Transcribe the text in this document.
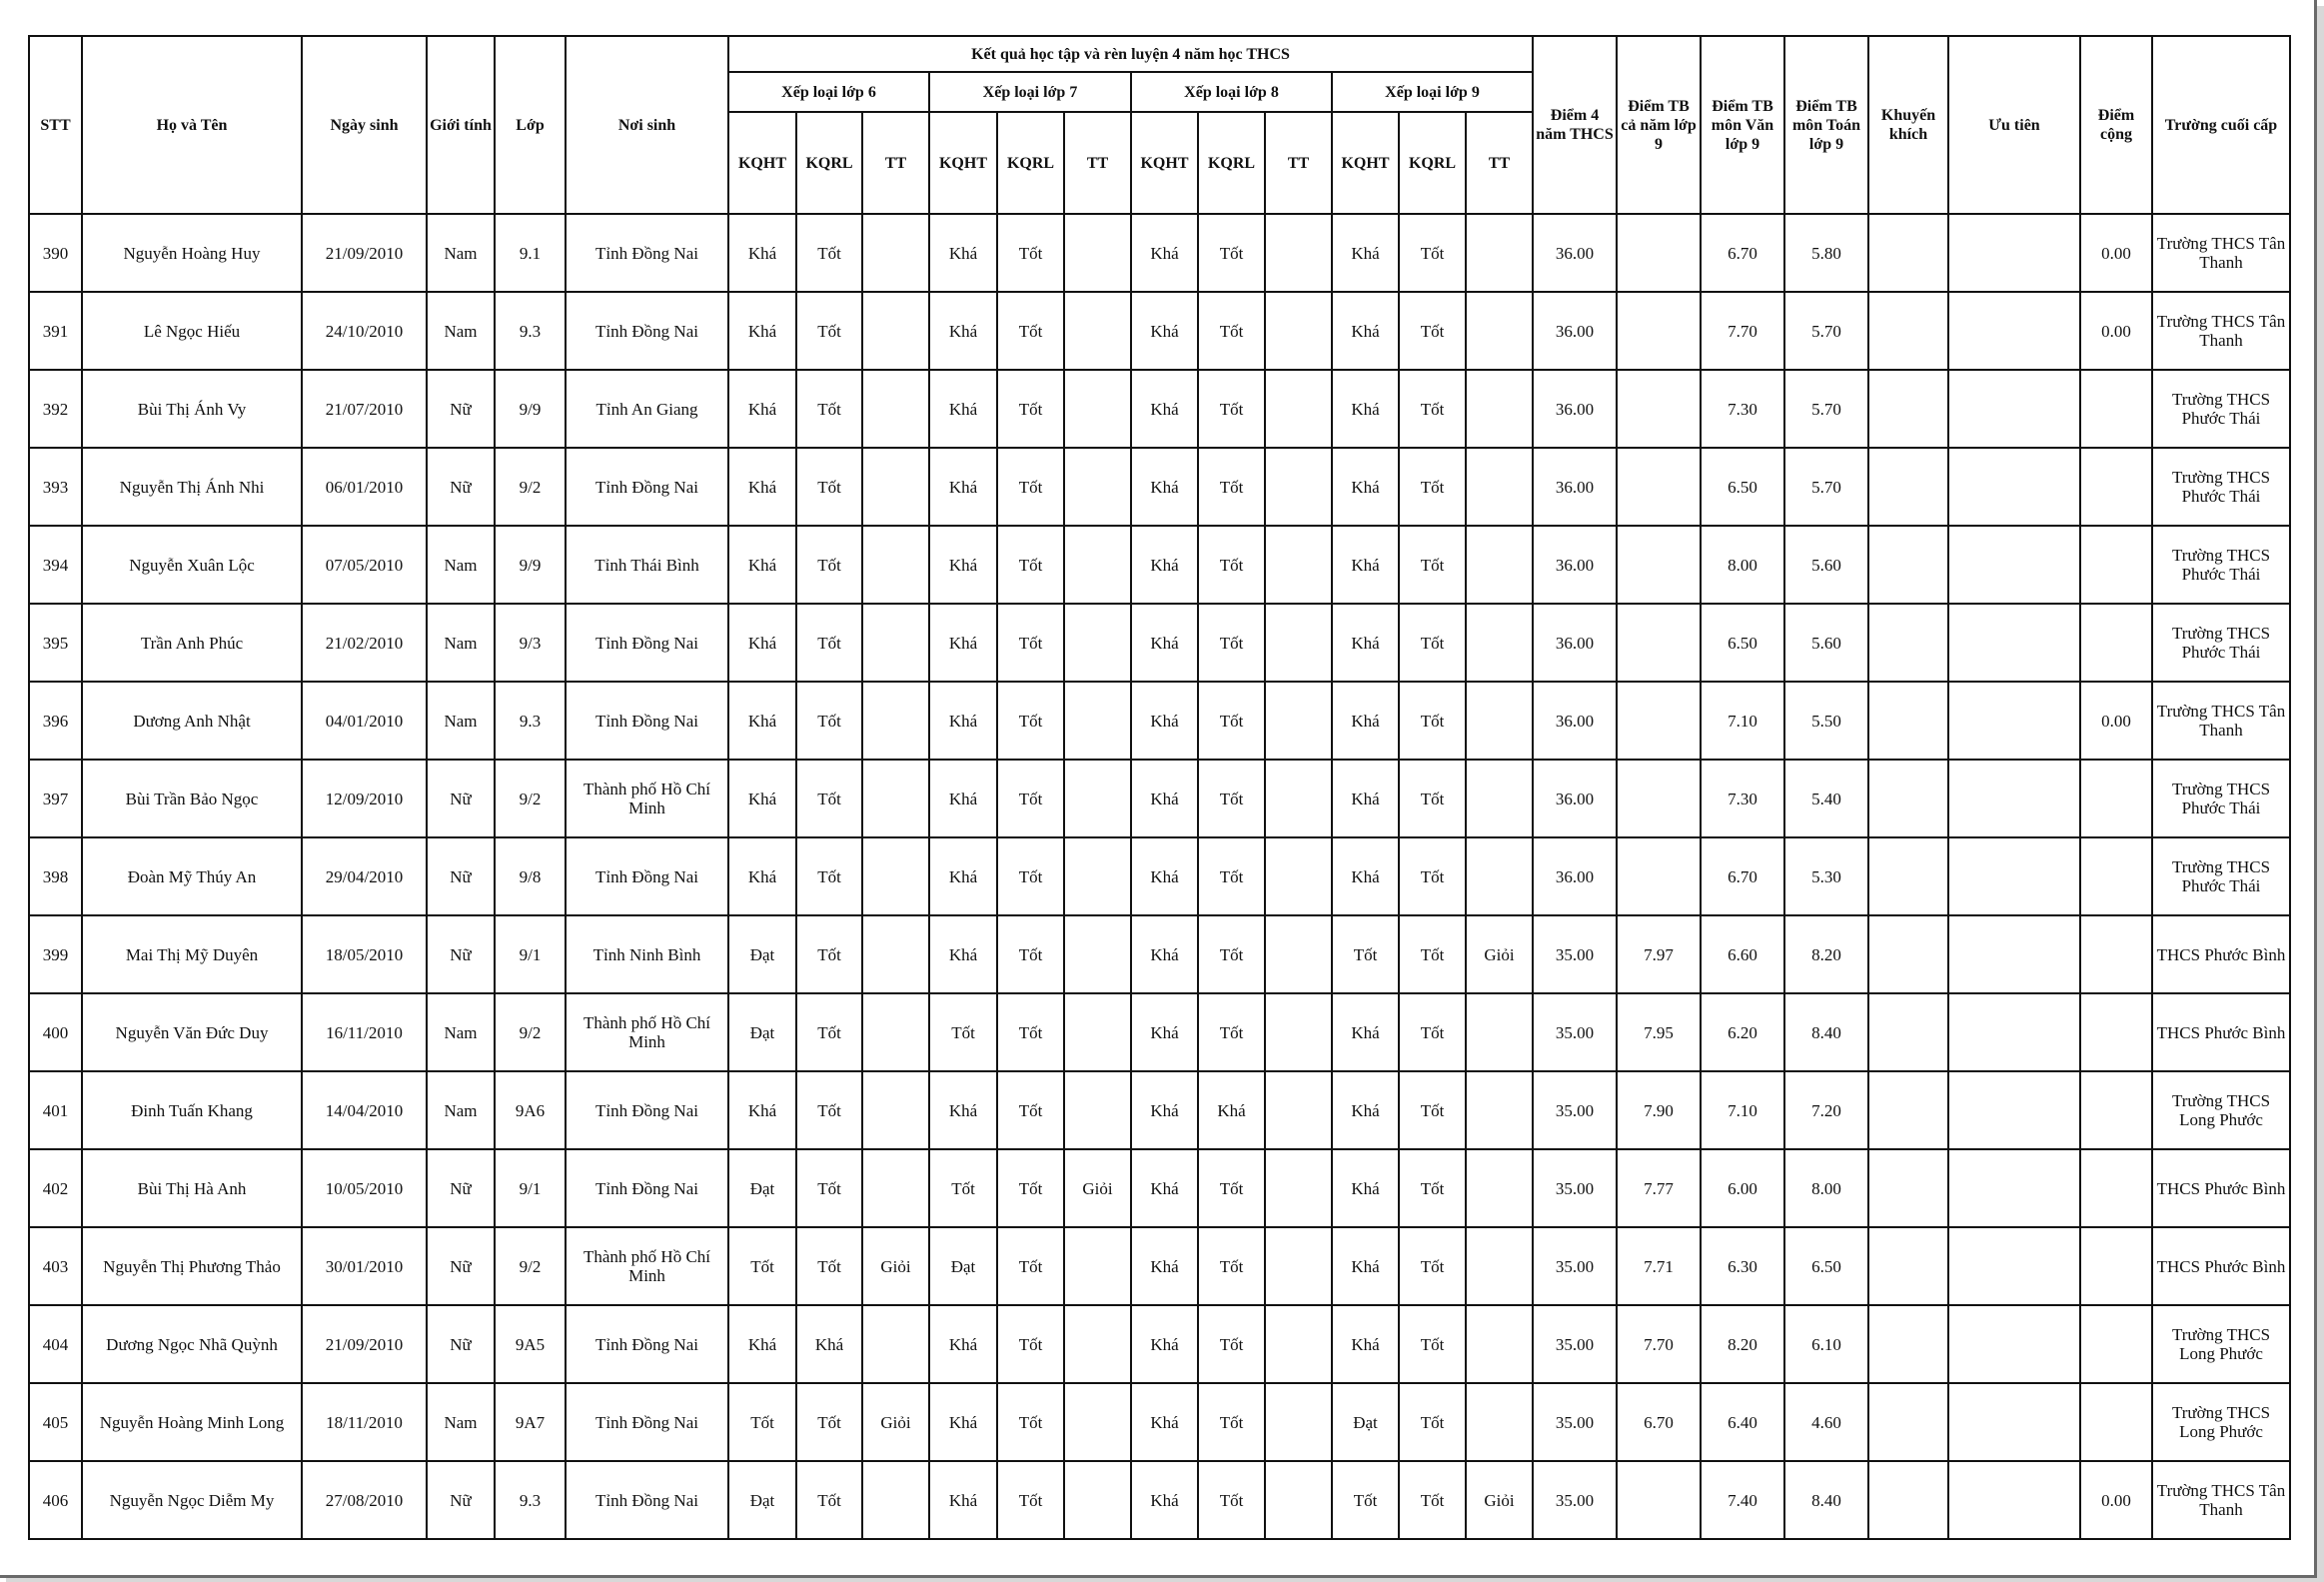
STT	Họ và Tên	Ngày sinh	Giới tính	Lớp	Nơi sinh	Kết quả học tập và rèn luyện 4 năm học THCS												Điểm 4 năm THCS	Điểm TB cả năm lớp 9	Điểm TB môn Văn lớp 9	Điểm TB môn Toán lớp 9	Khuyến khích	Ưu tiên	Điểm cộng	Trường cuối cấp
						Xếp loại lớp 6			Xếp loại lớp 7			Xếp loại lớp 8			Xếp loại lớp 9										
						KQHT	KQRL	TT	KQHT	KQRL	TT	KQHT	KQRL	TT	KQHT	KQRL	TT								
390	Nguyễn Hoàng Huy	21/09/2010	Nam	9.1	Tỉnh Đồng Nai	Khá	Tốt		Khá	Tốt		Khá	Tốt		Khá	Tốt		36.00		6.70	5.80			0.00	Trường THCS Tân Thanh
391	Lê Ngọc Hiếu	24/10/2010	Nam	9.3	Tỉnh Đồng Nai	Khá	Tốt		Khá	Tốt		Khá	Tốt		Khá	Tốt		36.00		7.70	5.70			0.00	Trường THCS Tân Thanh
392	Bùi Thị Ánh Vy	21/07/2010	Nữ	9/9	Tỉnh An Giang	Khá	Tốt		Khá	Tốt		Khá	Tốt		Khá	Tốt		36.00		7.30	5.70				Trường THCS Phước Thái
393	Nguyễn Thị Ánh Nhi	06/01/2010	Nữ	9/2	Tỉnh Đồng Nai	Khá	Tốt		Khá	Tốt		Khá	Tốt		Khá	Tốt		36.00		6.50	5.70				Trường THCS Phước Thái
394	Nguyễn Xuân Lộc	07/05/2010	Nam	9/9	Tỉnh Thái Bình	Khá	Tốt		Khá	Tốt		Khá	Tốt		Khá	Tốt		36.00		8.00	5.60				Trường THCS Phước Thái
395	Trần Anh Phúc	21/02/2010	Nam	9/3	Tỉnh Đồng Nai	Khá	Tốt		Khá	Tốt		Khá	Tốt		Khá	Tốt		36.00		6.50	5.60				Trường THCS Phước Thái
396	Dương Anh Nhật	04/01/2010	Nam	9.3	Tỉnh Đồng Nai	Khá	Tốt		Khá	Tốt		Khá	Tốt		Khá	Tốt		36.00		7.10	5.50			0.00	Trường THCS Tân Thanh
397	Bùi Trần Bảo Ngọc	12/09/2010	Nữ	9/2	Thành phố Hồ Chí Minh	Khá	Tốt		Khá	Tốt		Khá	Tốt		Khá	Tốt		36.00		7.30	5.40				Trường THCS Phước Thái
398	Đoàn Mỹ Thúy An	29/04/2010	Nữ	9/8	Tỉnh Đồng Nai	Khá	Tốt		Khá	Tốt		Khá	Tốt		Khá	Tốt		36.00		6.70	5.30				Trường THCS Phước Thái
399	Mai Thị Mỹ Duyên	18/05/2010	Nữ	9/1	Tỉnh Ninh Bình	Đạt	Tốt		Khá	Tốt		Khá	Tốt		Tốt	Tốt	Giỏi	35.00	7.97	6.60	8.20				THCS Phước Bình
400	Nguyễn Văn Đức Duy	16/11/2010	Nam	9/2	Thành phố Hồ Chí Minh	Đạt	Tốt		Tốt	Tốt		Khá	Tốt		Khá	Tốt		35.00	7.95	6.20	8.40				THCS Phước Bình
401	Đinh Tuấn Khang	14/04/2010	Nam	9A6	Tỉnh Đồng Nai	Khá	Tốt		Khá	Tốt		Khá	Khá		Khá	Tốt		35.00	7.90	7.10	7.20				Trường THCS Long Phước
402	Bùi Thị Hà Anh	10/05/2010	Nữ	9/1	Tỉnh Đồng Nai	Đạt	Tốt		Tốt	Tốt	Giỏi	Khá	Tốt		Khá	Tốt		35.00	7.77	6.00	8.00				THCS Phước Bình
403	Nguyễn Thị Phương Thảo	30/01/2010	Nữ	9/2	Thành phố Hồ Chí Minh	Tốt	Tốt	Giỏi	Đạt	Tốt		Khá	Tốt		Khá	Tốt		35.00	7.71	6.30	6.50				THCS Phước Bình
404	Dương Ngọc Nhã Quỳnh	21/09/2010	Nữ	9A5	Tỉnh Đồng Nai	Khá	Khá		Khá	Tốt		Khá	Tốt		Khá	Tốt		35.00	7.70	8.20	6.10				Trường THCS Long Phước
405	Nguyễn Hoàng Minh Long	18/11/2010	Nam	9A7	Tỉnh Đồng Nai	Tốt	Tốt	Giỏi	Khá	Tốt		Khá	Tốt		Đạt	Tốt		35.00	6.70	6.40	4.60				Trường THCS Long Phước
406	Nguyễn Ngọc Diễm My	27/08/2010	Nữ	9.3	Tỉnh Đồng Nai	Đạt	Tốt		Khá	Tốt		Khá	Tốt		Tốt	Tốt	Giỏi	35.00		7.40	8.40			0.00	Trường THCS Tân Thanh
